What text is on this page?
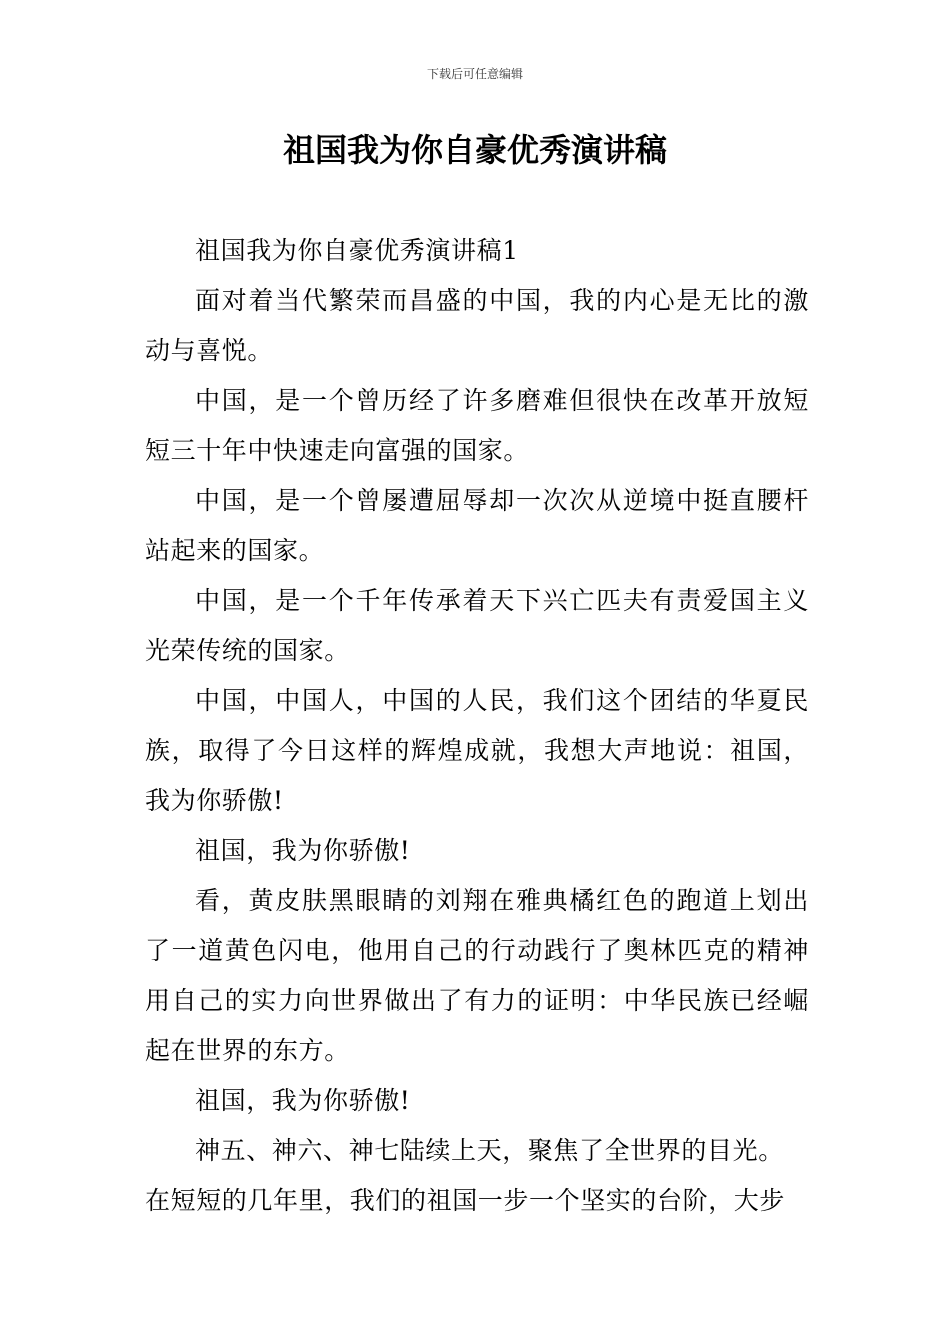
下载后可任意编辑
祖国我为你自豪优秀演讲稿

祖国我为你自豪优秀演讲稿1

面对着当代繁荣而昌盛的中国，我的内心是无比的激动与喜悦。

中国，是一个曾历经了许多磨难但很快在改革开放短短三十年中快速走向富强的国家。

中国，是一个曾屡遭屈辱却一次次从逆境中挺直腰杆站起来的国家。

中国，是一个千年传承着天下兴亡匹夫有责爱国主义光荣传统的国家。

中国，中国人，中国的人民，我们这个团结的华夏民族，取得了今日这样的辉煌成就，我想大声地说：祖国，我为你骄傲!

祖国，我为你骄傲!

看，黄皮肤黑眼睛的刘翔在雅典橘红色的跑道上划出了一道黄色闪电，他用自己的行动践行了奥林匹克的精神用自己的实力向世界做出了有力的证明：中华民族已经崛起在世界的东方。

祖国，我为你骄傲!

神五、神六、神七陆续上天，聚焦了全世界的目光。

在短短的几年里，我们的祖国一步一个坚实的台阶，大步
